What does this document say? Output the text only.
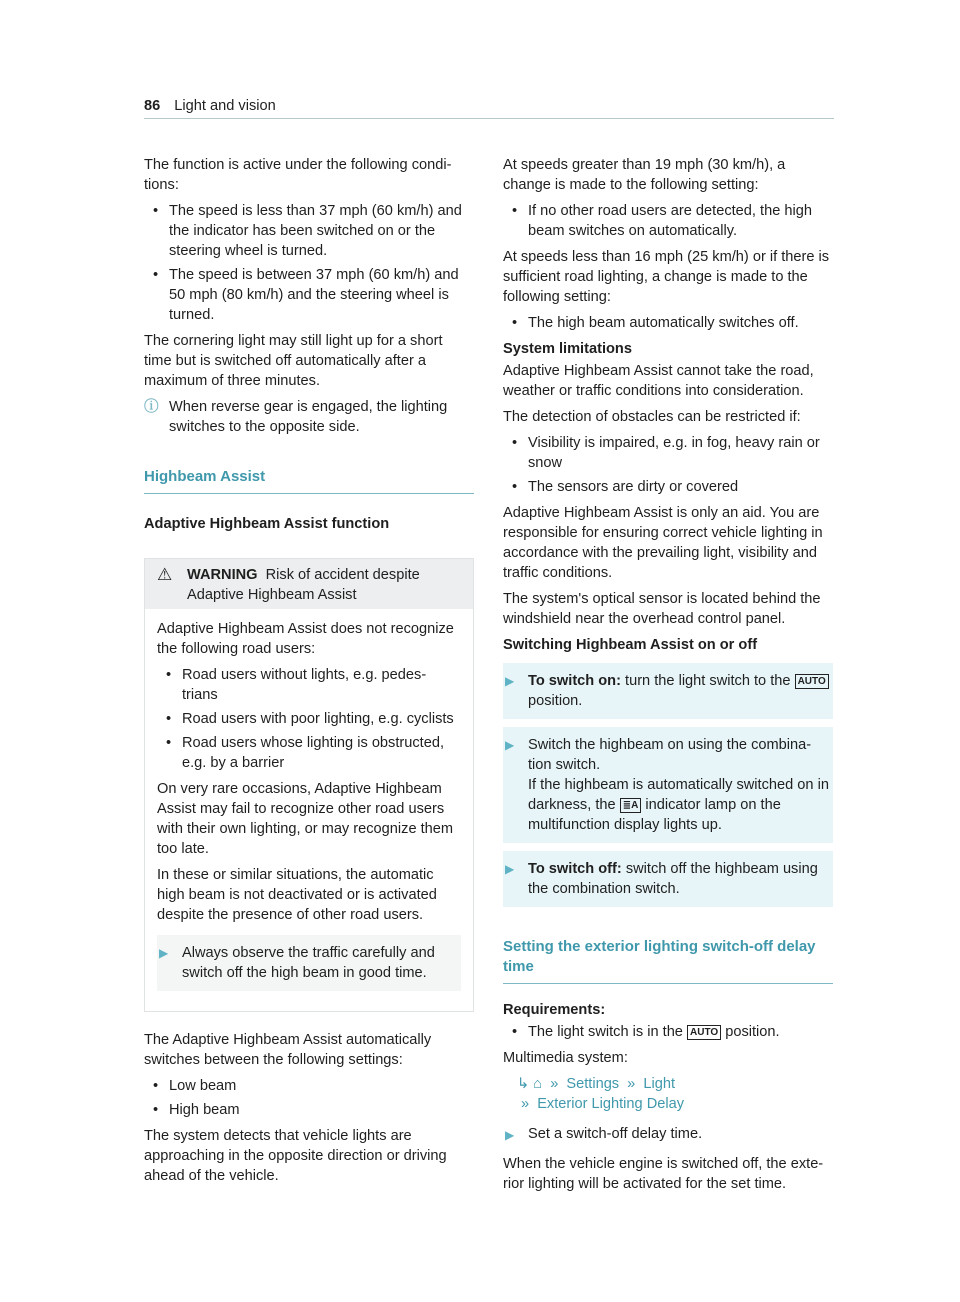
86 Light and vision

The function is active under the following condi- tions:

• The speed is less than 37 mph (60 km/h) and the indicator has been switched on or the steering wheel is turned.
• The speed is between 37 mph (60 km/h) and 50 mph (80 km/h) and the steering wheel is turned.

The cornering light may still light up for a short time but is switched off automatically after a maximum of three minutes.

ⓘ When reverse gear is engaged, the lighting switches to the opposite side.
Highbeam Assist
Adaptive Highbeam Assist function
⚠ WARNING Risk of accident despite Adaptive Highbeam Assist

Adaptive Highbeam Assist does not recognize the following road users:

• Road users without lights, e.g. pedes- trians
• Road users with poor lighting, e.g. cyclists
• Road users whose lighting is obstructed, e.g. by a barrier

On very rare occasions, Adaptive Highbeam Assist may fail to recognize other road users with their own lighting, or may recognize them too late.

In these or similar situations, the automatic high beam is not deactivated or is activated despite the presence of other road users.

▶ Always observe the traffic carefully and switch off the high beam in good time.

The Adaptive Highbeam Assist automatically switches between the following settings:

• Low beam
• High beam

The system detects that vehicle lights are approaching in the opposite direction or driving ahead of the vehicle.

At speeds greater than 19 mph (30 km/h), a change is made to the following setting:

• If no other road users are detected, the high beam switches on automatically.

At speeds less than 16 mph (25 km/h) or if there is sufficient road lighting, a change is made to the following setting:

• The high beam automatically switches off.
System limitations

Adaptive Highbeam Assist cannot take the road, weather or traffic conditions into consideration.

The detection of obstacles can be restricted if:

• Visibility is impaired, e.g. in fog, heavy rain or snow
• The sensors are dirty or covered

Adaptive Highbeam Assist is only an aid. You are responsible for ensuring correct vehicle lighting in accordance with the prevailing light, visibility and traffic conditions.

The system's optical sensor is located behind the windshield near the overhead control panel.

Switching Highbeam Assist on or off
▶ To switch on: turn the light switch to the AUTO position.
▶ Switch the highbeam on using the combina- tion switch.
If the highbeam is automatically switched on in darkness, the ≣A indicator lamp on the multifunction display lights up.
▶ To switch off: switch off the highbeam using the combination switch.
Setting the exterior lighting switch-off delay time
Requirements:
• The light switch is in the AUTO position.

Multimedia system:

↳ ⌂ » Settings » Light
» Exterior Lighting Delay
▶ Set a switch-off delay time.

When the vehicle engine is switched off, the exte- rior lighting will be activated for the set time.
